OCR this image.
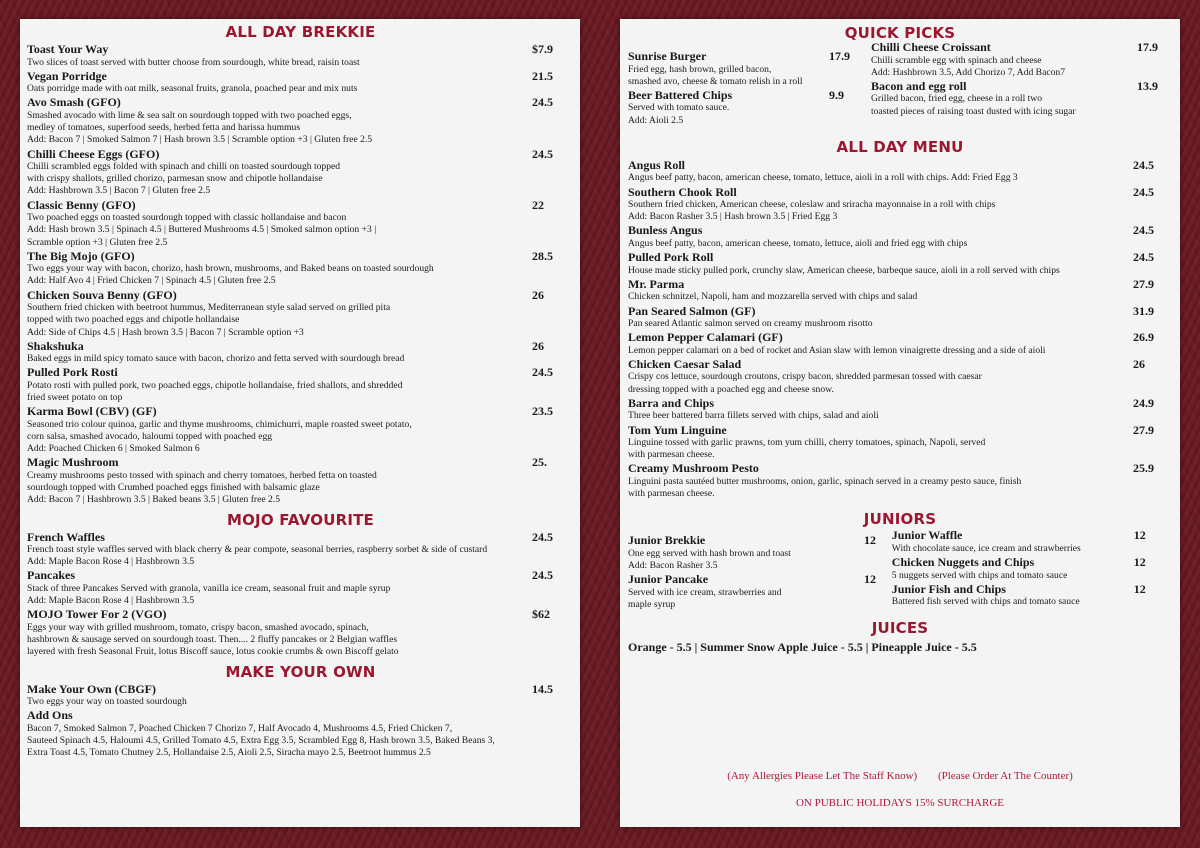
ALL DAY BREKKIE
Toast Your Way	$7.9
Two slices of toast served with butter choose from sourdough, white bread, raisin toast
Vegan Porridge	21.5
Oats porridge made with oat milk, seasonal fruits, granola, poached pear and mix nuts
Avo Smash (GFO)	24.5
Smashed avocado with lime & sea salt on sourdough topped with two poached eggs,
medley of tomatoes, superfood seeds, herbed fetta and harissa hummus
Add: Bacon 7 | Smoked Salmon 7 | Hash brown 3.5 | Scramble option +3 | Gluten free 2.5
Chilli Cheese Eggs (GFO)	24.5
Chilli scrambled eggs folded with spinach and chilli on toasted sourdough topped
with crispy shallots, grilled chorizo, parmesan snow and chipotle hollandaise
Add: Hashbrown 3.5 | Bacon 7 | Gluten free 2.5
Classic Benny (GFO)	22
Two poached eggs on toasted sourdough topped with classic hollandaise and bacon
Add: Hash brown 3.5 | Spinach 4.5 | Buttered Mushrooms 4.5 | Smoked salmon option +3 |
Scramble option +3 | Gluten free 2.5
The Big Mojo (GFO)	28.5
Two eggs your way with bacon, chorizo, hash brown, mushrooms, and Baked beans on toasted sourdough
Add: Half Avo 4 | Fried Chicken 7 | Spinach 4.5 | Gluten free 2.5
Chicken Souva Benny (GFO)	26
Southern fried chicken with beetroot hummus, Mediterranean style salad served on grilled pita
topped with two poached eggs and chipotle hollandaise
Add: Side of Chips 4.5 | Hash brown 3.5 | Bacon 7 | Scramble option +3
Shakshuka	26
Baked eggs in mild spicy tomato sauce with bacon, chorizo and fetta served with sourdough bread
Pulled Pork Rosti	24.5
Potato rosti with pulled pork, two poached eggs, chipotle hollandaise, fried shallots, and shredded
fried sweet potato on top
Karma Bowl (CBV) (GF)	23.5
Seasoned trio colour quinoa, garlic and thyme mushrooms, chimichurri, maple roasted sweet potato,
corn salsa, smashed avocado, haloumi topped with poached egg
Add: Poached Chicken 6 | Smoked Salmon 6
Magic Mushroom	25.
Creamy mushrooms pesto tossed with spinach and cherry tomatoes, herbed fetta on toasted
sourdough topped with Crumbed poached eggs finished with balsamic glaze
Add: Bacon 7 | Hashbrown 3.5 | Baked beans 3.5 | Gluten free 2.5
MOJO FAVOURITE
French Waffles	24.5
French toast style waffles served with black cherry & pear compote, seasonal berries, raspberry sorbet & side of custard
Add: Maple Bacon Rose 4 | Hashbrown 3.5
Pancakes	24.5
Stack of three Pancakes Served with granola, vanilla ice cream, seasonal fruit and maple syrup
Add: Maple Bacon Rose 4 | Hashbrown 3.5
MOJO Tower For 2 (VGO)	$62
Eggs your way with grilled mushroom, tomato, crispy bacon, smashed avocado, spinach,
hashbrown & sausage served on sourdough toast. Then.... 2 fluffy pancakes or 2 Belgian waffles
layered with fresh Seasonal Fruit, lotus Biscoff sauce, lotus cookie crumbs & own Biscoff gelato
MAKE YOUR OWN
Make Your Own (CBGF)	14.5
Two eggs your way on toasted sourdough
Add Ons
Bacon 7, Smoked Salmon 7, Poached Chicken 7 Chorizo 7, Half Avocado 4, Mushrooms 4.5, Fried Chicken 7,
Sauteed Spinach 4.5, Haloumi 4.5, Grilled Tomato 4.5, Extra Egg 3.5, Scrambled Egg 8, Hash brown 3.5, Baked Beans 3,
Extra Toast 4.5, Tomato Chutney 2.5, Hollandaise 2.5, Aioli 2.5, Siracha mayo 2.5, Beetroot hummus 2.5
QUICK PICKS
Sunrise Burger	17.9
Fried egg, hash brown, grilled bacon,
smashed avo, cheese & tomato relish in a roll
Beer Battered Chips	9.9
Served with tomato sauce.
Add: Aioli 2.5
Chilli Cheese Croissant	17.9
Chilli scramble egg with spinach and cheese
Add: Hashbrown 3.5, Add Chorizo 7, Add Bacon7
Bacon and egg roll	13.9
Grilled bacon, fried egg, cheese in a roll two
toasted pieces of raising toast dusted with icing sugar
ALL DAY MENU
Angus Roll	24.5
Angus beef patty, bacon, american cheese, tomato, lettuce, aioli in a roll with chips. Add: Fried Egg 3
Southern Chook Roll	24.5
Southern fried chicken, American cheese, coleslaw and sriracha mayonnaise in a roll with chips
Add: Bacon Rasher 3.5 | Hash brown 3.5 | Fried Egg 3
Bunless Angus	24.5
Angus beef patty, bacon, american cheese, tomato, lettuce, aioli and fried egg with chips
Pulled Pork Roll	24.5
House made sticky pulled pork, crunchy slaw, American cheese, barbeque sauce, aioli in a roll served with chips
Mr. Parma	27.9
Chicken schnitzel, Napoli, ham and mozzarella served with chips and salad
Pan Seared Salmon (GF)	31.9
Pan seared Atlantic salmon served on creamy mushroom risotto
Lemon Pepper Calamari (GF)	26.9
Lemon pepper calamari on a bed of rocket and Asian slaw with lemon vinaigrette dressing and a side of aioli
Chicken Caesar Salad	26
Crispy cos lettuce, sourdough croutons, crispy bacon, shredded parmesan tossed with caesar
dressing topped with a poached egg and cheese snow.
Barra and Chips	24.9
Three beer battered barra fillets served with chips, salad and aioli
Tom Yum Linguine	27.9
Linguine tossed with garlic prawns, tom yum chilli, cherry tomatoes, spinach, Napoli, served
with parmesan cheese.
Creamy Mushroom Pesto	25.9
Linguini pasta sautéed butter mushrooms, onion, garlic, spinach served in a creamy pesto sauce, finish
with parmesan cheese.
JUNIORS
Junior Brekkie	12
One egg served with hash brown and toast
Add: Bacon Rasher 3.5
Junior Pancake	12
Served with ice cream, strawberries and
maple syrup
Junior Waffle	12
With chocolate sauce, ice cream and strawberries
Chicken Nuggets and Chips	12
5 nuggets served with chips and tomato sauce
Junior Fish and Chips	12
Battered fish served with chips and tomato sauce
JUICES
Orange - 5.5 | Summer Snow Apple Juice - 5.5 | Pineapple Juice - 5.5
(Any Allergies Please Let The Staff Know) (Please Order At The Counter)
ON PUBLIC HOLIDAYS 15% SURCHARGE
